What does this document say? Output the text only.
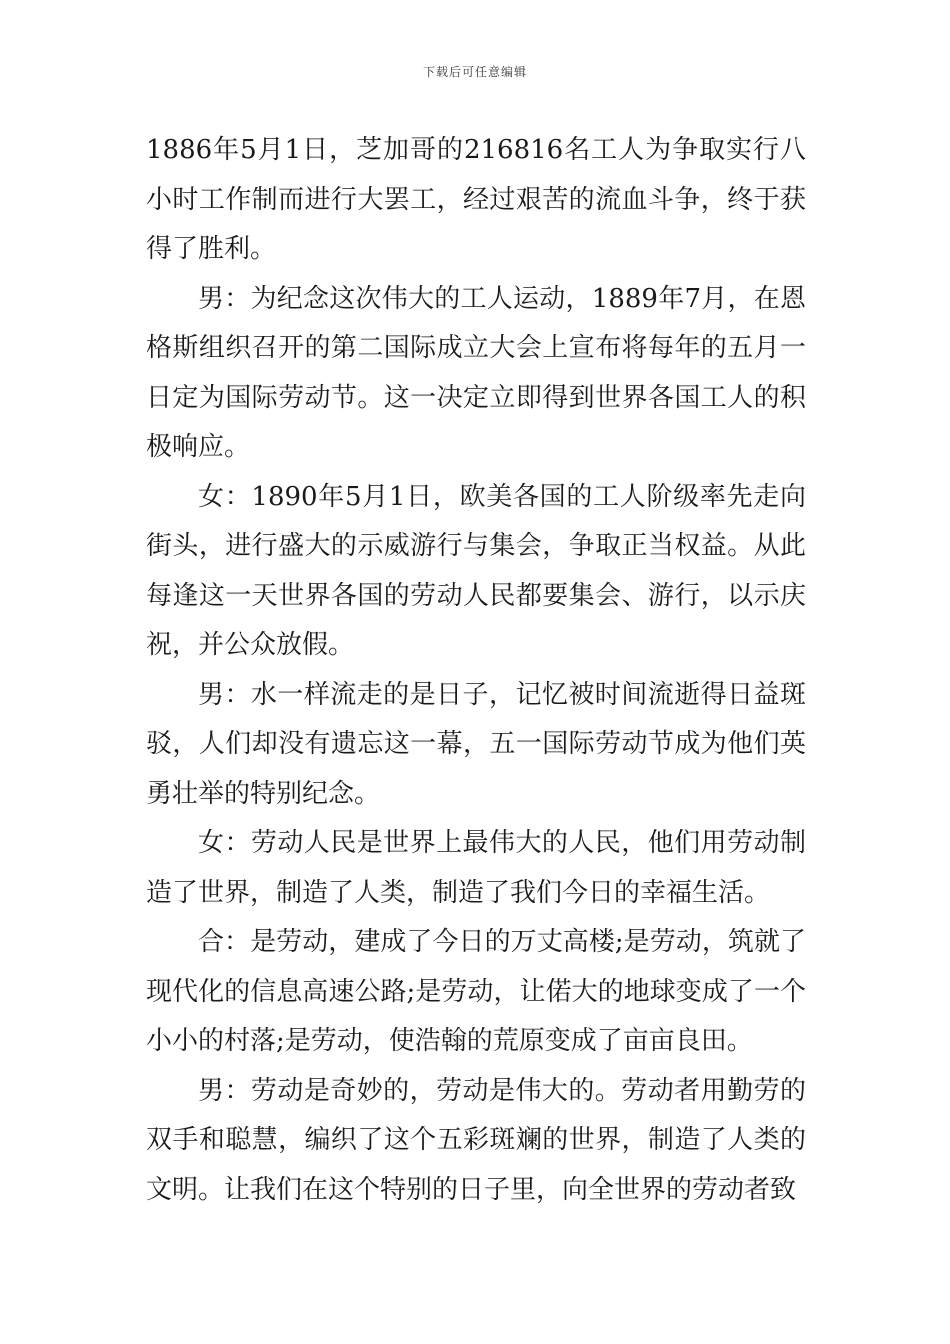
下载后可任意编辑

1886年5月1日，芝加哥的216816名工人为争取实行八小时工作制而进行大罢工，经过艰苦的流血斗争，终于获得了胜利。

男：为纪念这次伟大的工人运动，1889年7月，在恩格斯组织召开的第二国际成立大会上宣布将每年的五月一日定为国际劳动节。这一决定立即得到世界各国工人的积极响应。

女：1890年5月1日，欧美各国的工人阶级率先走向街头，进行盛大的示威游行与集会，争取正当权益。从此每逢这一天世界各国的劳动人民都要集会、游行，以示庆祝，并公众放假。

男：水一样流走的是日子，记忆被时间流逝得日益斑驳，人们却没有遗忘这一幕，五一国际劳动节成为他们英勇壮举的特别纪念。

女：劳动人民是世界上最伟大的人民，他们用劳动制造了世界，制造了人类，制造了我们今日的幸福生活。

合：是劳动，建成了今日的万丈高楼;是劳动，筑就了现代化的信息高速公路;是劳动，让偌大的地球变成了一个小小的村落;是劳动，使浩翰的荒原变成了亩亩良田。

男：劳动是奇妙的，劳动是伟大的。劳动者用勤劳的双手和聪慧，编织了这个五彩斑斓的世界，制造了人类的文明。让我们在这个特别的日子里，向全世界的劳动者致
